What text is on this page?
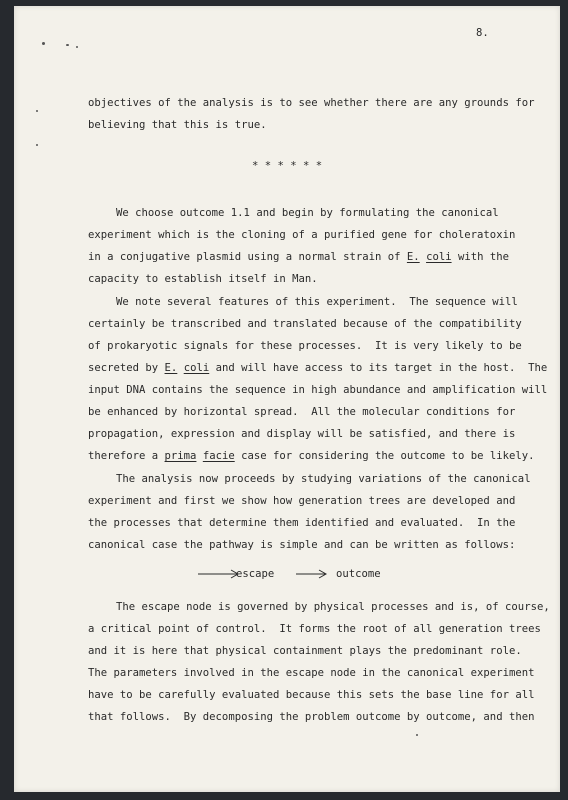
8.
objectives of the analysis is to see whether there are any grounds for
believing that this is true.
* * * * * *
We choose outcome 1.1 and begin by formulating the canonical
experiment which is the cloning of a purified gene for choleratoxin
in a conjugative plasmid using a normal strain of E. coli with the
capacity to establish itself in Man.
We note several features of this experiment.  The sequence will
certainly be transcribed and translated because of the compatibility
of prokaryotic signals for these processes.  It is very likely to be
secreted by E. coli and will have access to its target in the host.  The
input DNA contains the sequence in high abundance and amplification will
be enhanced by horizontal spread.  All the molecular conditions for
propagation, expression and display will be satisfied, and there is
therefore a prima facie case for considering the outcome to be likely.
The analysis now proceeds by studying variations of the canonical
experiment and first we show how generation trees are developed and
the processes that determine them identified and evaluated.  In the
canonical case the pathway is simple and can be written as follows:
escape	outcome
The escape node is governed by physical processes and is, of course,
a critical point of control.  It forms the root of all generation trees
and it is here that physical containment plays the predominant role.
The parameters involved in the escape node in the canonical experiment
have to be carefully evaluated because this sets the base line for all
that follows.  By decomposing the problem outcome by outcome, and then
